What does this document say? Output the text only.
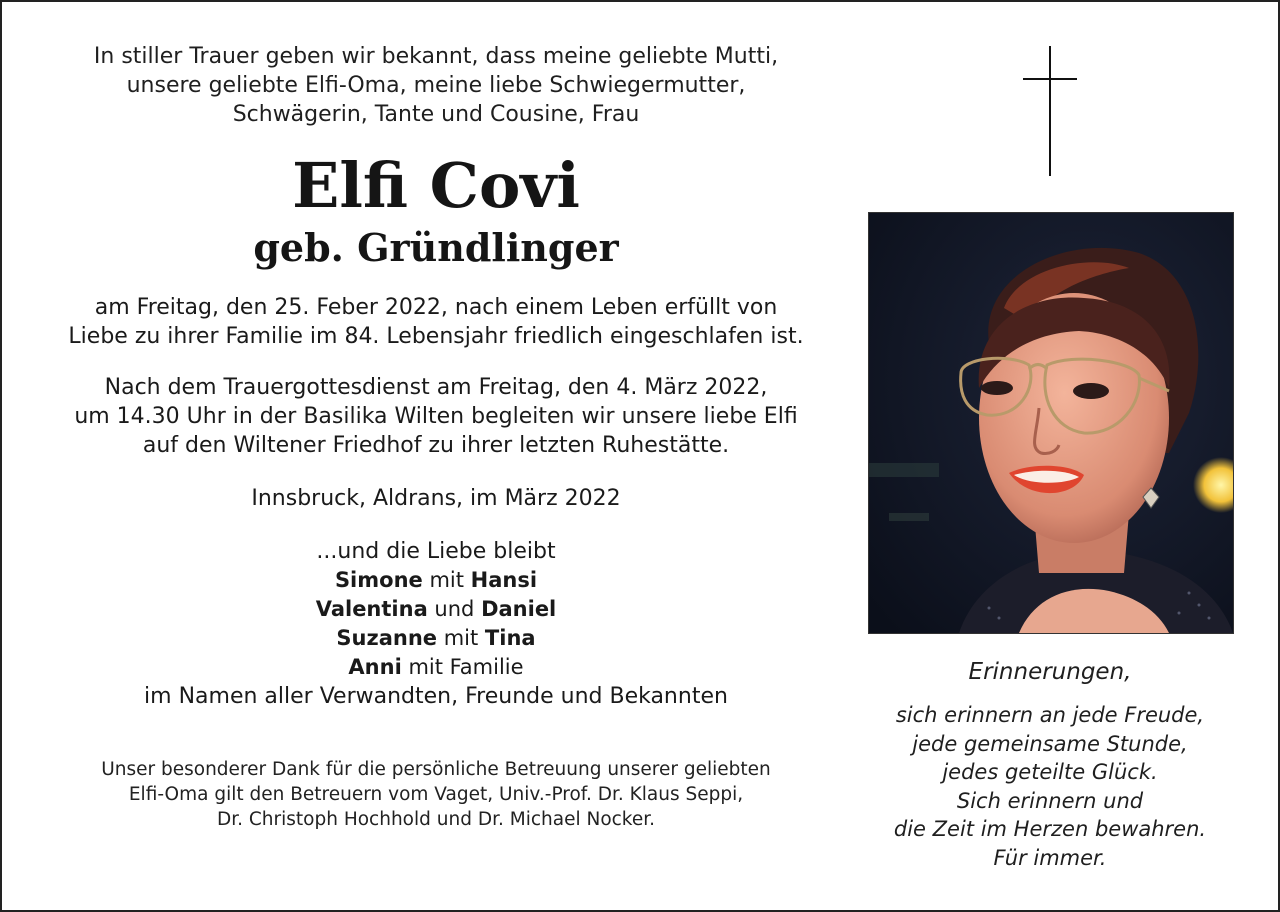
In stiller Trauer geben wir bekannt, dass meine geliebte Mutti,

unsere geliebte Elfi-Oma, meine liebe Schwiegermutter,

Schwägerin, Tante und Cousine, Frau

Elfi Covi
geb. Gründlinger

am Freitag, den 25. Feber 2022, nach einem Leben erfüllt von

Liebe zu ihrer Familie im 84. Lebensjahr friedlich eingeschlafen ist.

Nach dem Trauergottesdienst am Freitag, den 4. März 2022,

um 14.30 Uhr in der Basilika Wilten begleiten wir unsere liebe Elfi

auf den Wiltener Friedhof zu ihrer letzten Ruhestätte.

Innsbruck, Aldrans, im März 2022

...und die Liebe bleibt

Simone mit Hansi

Valentina und Daniel

Suzanne mit Tina

Anni mit Familie

im Namen aller Verwandten, Freunde und Bekannten

Unser besonderer Dank für die persönliche Betreuung unserer geliebten

Elfi-Oma gilt den Betreuern vom Vaget, Univ.-Prof. Dr. Klaus Seppi,

Dr. Christoph Hochhold und Dr. Michael Nocker.

Erinnerungen,

sich erinnern an jede Freude,

jede gemeinsame Stunde,

jedes geteilte Glück.

Sich erinnern und

die Zeit im Herzen bewahren.

Für immer.
